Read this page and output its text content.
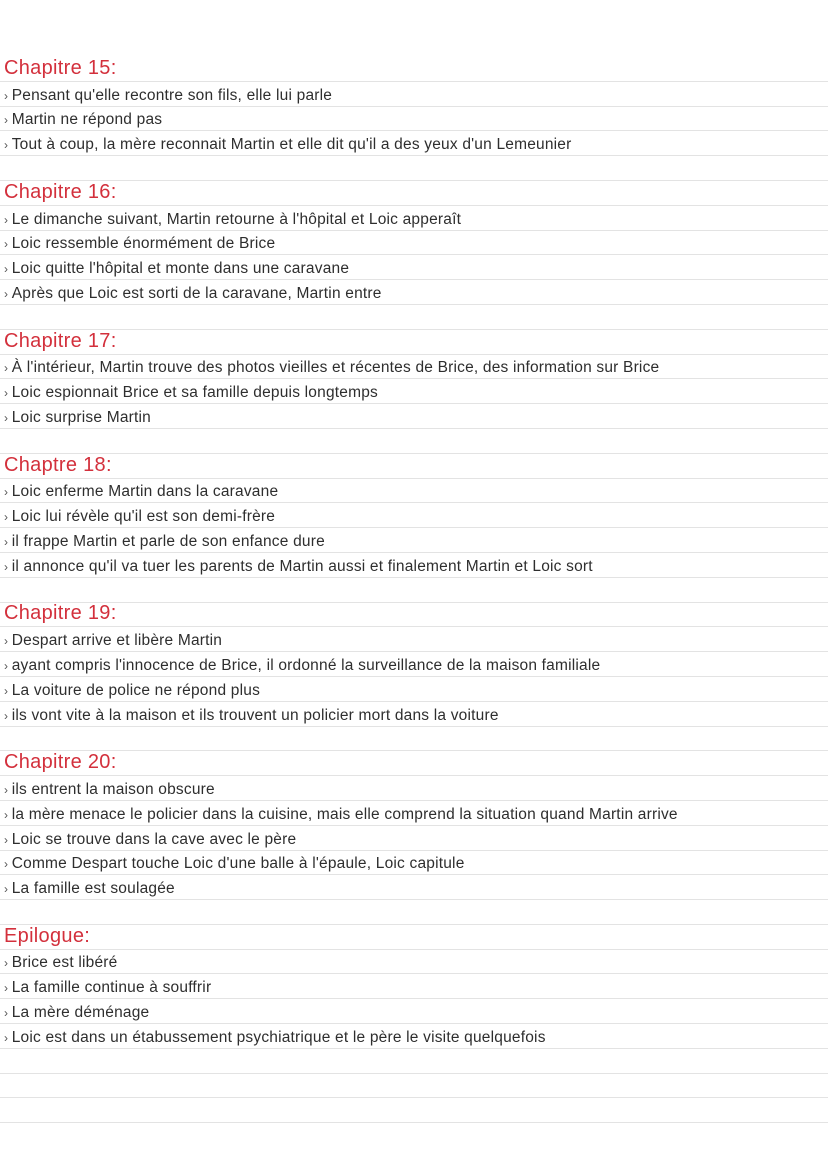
Chapitre 15:
› Pensant qu'elle recontre son fils, elle lui parle
› Martin ne répond pas
› Tout à coup, la mère reconnait Martin et elle dit qu'il a des yeux d'un Lemeunier
Chapitre 16:
› Le dimanche suivant, Martin retourne à l'hôpital et Loic apperaît
› Loic ressemble énormément de Brice
› Loic quitte l'hôpital et monte dans une caravane
› Après que Loic est sorti de la caravane, Martin entre
Chapitre 17:
› À l'intérieur, Martin trouve des photos vieilles et récentes de Brice, des information sur Brice
› Loic espionnait Brice et sa famille depuis longtemps
› Loic surprise Martin
Chaptre 18:
› Loic enferme Martin dans la caravane
› Loic lui révèle qu'il est son demi-frère
› il frappe Martin et parle de son enfance dure
› il annonce qu'il va tuer les parents de Martin aussi et finalement Martin et Loic sort
Chapitre 19:
› Despart arrive et libère Martin
› ayant compris l'innocence de Brice, il ordonné la surveillance de la maison familiale
› La voiture de police ne répond plus
› ils vont vite à la maison et ils trouvent un policier mort dans la voiture
Chapitre 20:
› ils entrent la maison obscure
› la mère menace le policier dans la cuisine, mais elle comprend la situation quand Martin arrive
› Loic se trouve dans la cave avec le père
› Comme Despart touche Loic d'une balle à l'épaule, Loic capitule
› La famille est soulagée
Epilogue:
› Brice est libéré
› La famille continue à souffrir
› La mère déménage
› Loic est dans un étabussement psychiatrique et le père le visite quelquefois
